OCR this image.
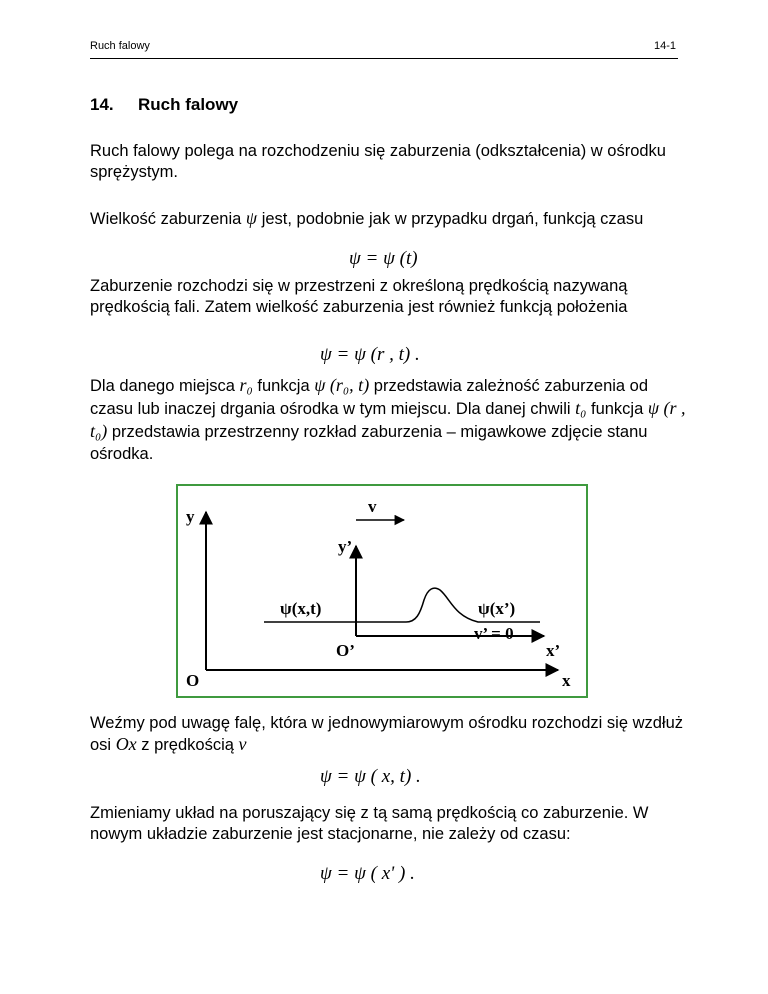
Ruch falowy	14-1
14. Ruch falowy
Ruch falowy polega na rozchodzeniu się zaburzenia (odkształcenia) w ośrodku sprężystym.
Wielkość zaburzenia ψ jest, podobnie jak w przypadku drgań, funkcją czasu
ψ = ψ (t)
Zaburzenie rozchodzi się w przestrzeni z określoną prędkością nazywaną prędkością fali. Zatem wielkość zaburzenia jest również funkcją położenia
ψ = ψ (r , t) .
Dla danego miejsca r₀ funkcja ψ (r₀, t) przedstawia zależność zaburzenia od czasu lub inaczej drgania ośrodka w tym miejscu. Dla danej chwili t₀ funkcja ψ (r , t₀) przedstawia przestrzenny rozkład zaburzenia – migawkowe zdjęcie stanu ośrodka.
y
v
y’
ψ(x,t)	ψ(x’)
v’ = 0
O’	x’
O	x
Weźmy pod uwagę falę, która w jednowymiarowym ośrodku rozchodzi się wzdłuż osi Ox z prędkością v
ψ = ψ ( x, t) .
Zmieniamy układ na poruszający się z tą samą prędkością co zaburzenie. W nowym układzie zaburzenie jest stacjonarne, nie zależy od czasu:
ψ = ψ ( x' ) .
